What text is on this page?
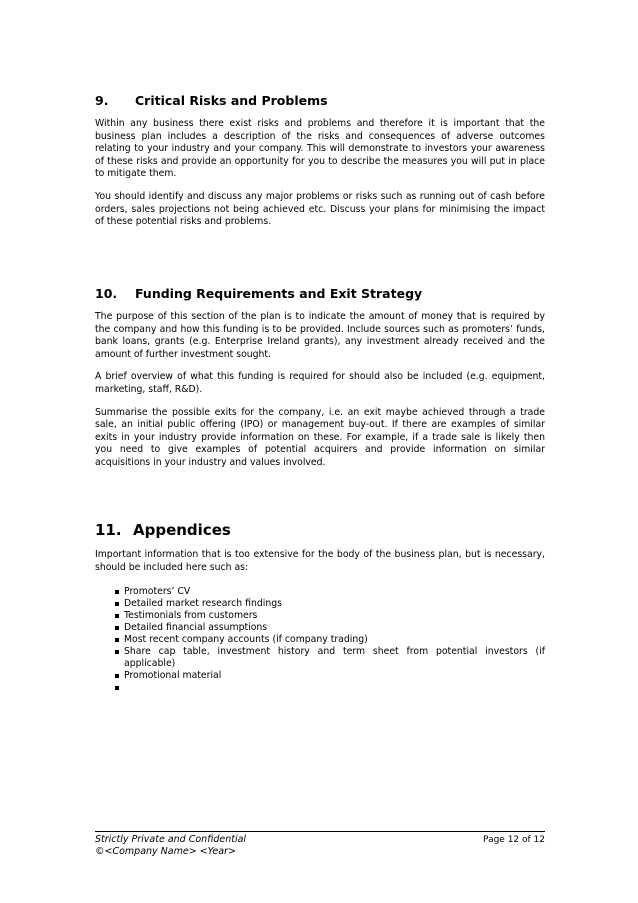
9.	Critical Risks and Problems

Within any business there exist risks and problems and therefore it is important that the business plan includes a description of the risks and consequences of adverse outcomes relating to your industry and your company. This will demonstrate to investors your awareness of these risks and provide an opportunity for you to describe the measures you will put in place to mitigate them.

You should identify and discuss any major problems or risks such as running out of cash before orders, sales projections not being achieved etc. Discuss your plans for minimising the impact of these potential risks and problems.

10.	Funding Requirements and Exit Strategy

The purpose of this section of the plan is to indicate the amount of money that is required by the company and how this funding is to be provided. Include sources such as promoters’ funds, bank loans, grants (e.g. Enterprise Ireland grants), any investment already received and the amount of further investment sought.

A brief overview of what this funding is required for should also be included (e.g. equipment, marketing, staff, R&D).

Summarise the possible exits for the company, i.e. an exit maybe achieved through a trade sale, an initial public offering (IPO) or management buy-out. If there are examples of similar exits in your industry provide information on these. For example, if a trade sale is likely then you need to give examples of potential acquirers and provide information on similar acquisitions in your industry and values involved.

11. Appendices

Important information that is too extensive for the body of the business plan, but is necessary, should be included here such as:

Promoters’ CV
Detailed market research findings
Testimonials from customers
Detailed financial assumptions
Most recent company accounts (if company trading)
Share cap table, investment history and term sheet from potential investors (if applicable)
Promotional material
Strictly Private and Confidential
©<Company Name> <Year>
Page 12 of 12
